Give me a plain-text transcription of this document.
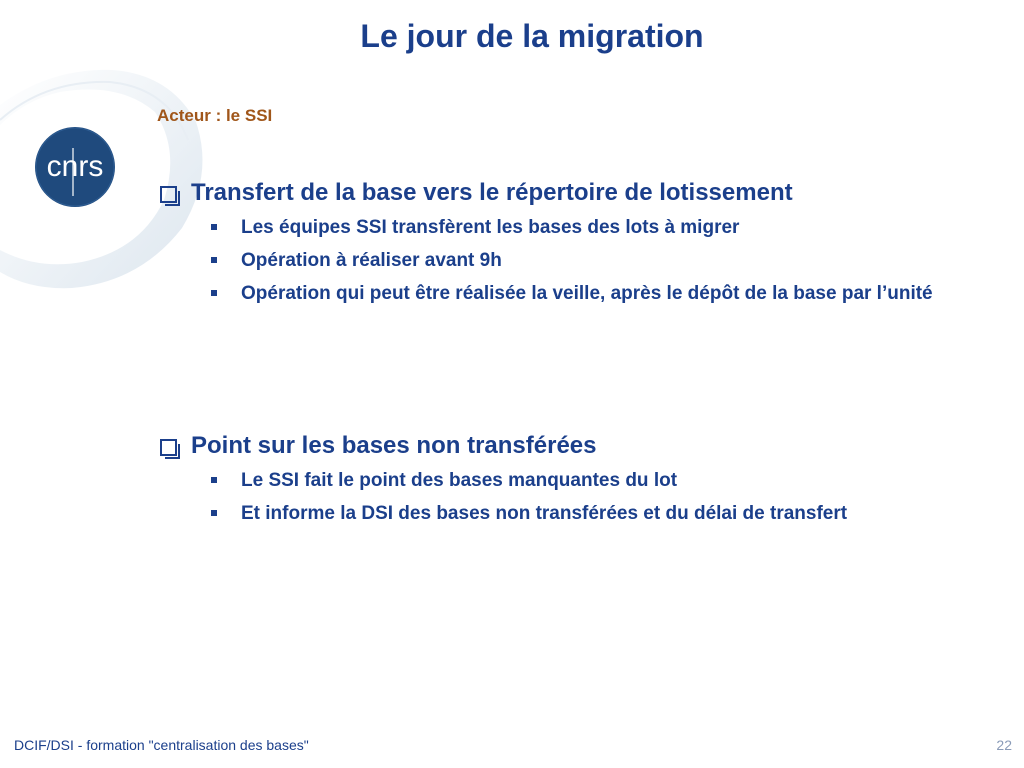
cnrs
Le jour de la migration

Acteur : le SSI

Transfert de la base vers le répertoire de lotissement
Les équipes SSI transfèrent les bases des lots à migrer
Opération à réaliser avant 9h
Opération qui peut être réalisée la veille, après le dépôt de la base par l’unité
Point sur les bases non transférées
Le SSI fait le point des bases manquantes du lot
Et informe la DSI des bases non transférées et du délai de transfert
DCIF/DSI - formation "centralisation des bases"	22
